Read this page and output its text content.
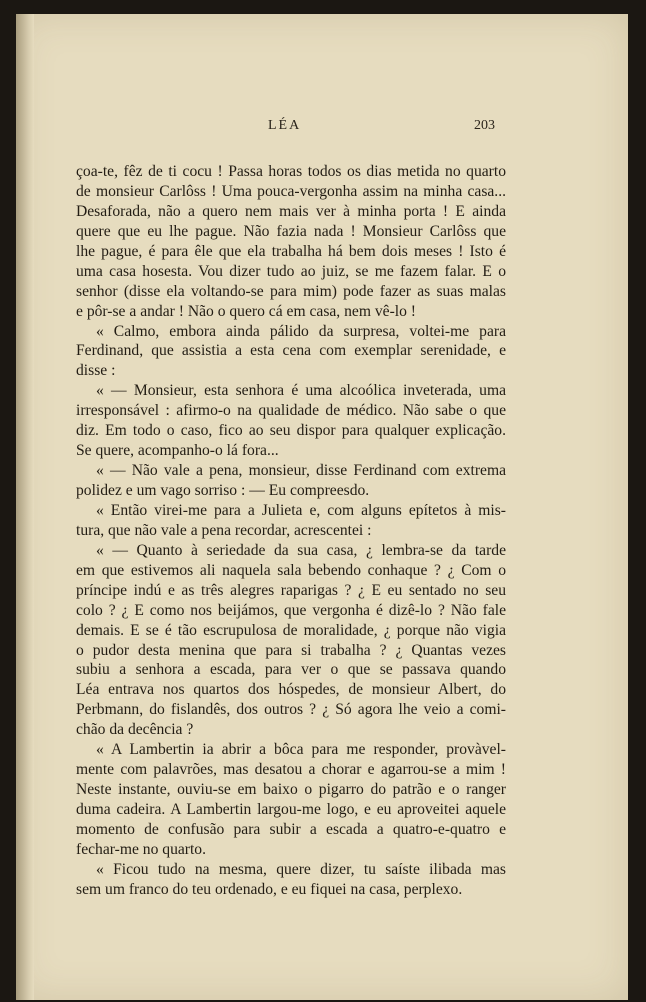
LÉA	203
çoa-te, fêz de ti cocu ! Passa horas todos os dias metida no quarto
de monsieur Carlôss ! Uma pouca-vergonha assim na minha casa...
Desaforada, não a quero nem mais ver à minha porta ! E ainda
quere que eu lhe pague. Não fazia nada ! Monsieur Carlôss que
lhe pague, é para êle que ela trabalha há bem dois meses ! Isto é
uma casa hosesta. Vou dizer tudo ao juiz, se me fazem falar. E o
senhor (disse ela voltando-se para mim) pode fazer as suas malas
e pôr-se a andar ! Não o quero cá em casa, nem vê-lo !
« Calmo, embora ainda pálido da surpresa, voltei-me para
Ferdinand, que assistia a esta cena com exemplar serenidade, e
disse :
« — Monsieur, esta senhora é uma alcoólica inveterada, uma
irresponsável : afirmo-o na qualidade de médico. Não sabe o que
diz. Em todo o caso, fico ao seu dispor para qualquer explicação.
Se quere, acompanho-o lá fora...
« — Não vale a pena, monsieur, disse Ferdinand com extrema
polidez e um vago sorriso : — Eu compreesdo.
« Então virei-me para a Julieta e, com alguns epítetos à mis-
tura, que não vale a pena recordar, acrescentei :
« — Quanto à seriedade da sua casa, ¿ lembra-se da tarde
em que estivemos ali naquela sala bebendo conhaque ? ¿ Com o
príncipe indú e as três alegres raparigas ? ¿ E eu sentado no seu
colo ? ¿ E como nos beijámos, que vergonha é dizê-lo ? Não fale
demais. E se é tão escrupulosa de moralidade, ¿ porque não vigia
o pudor desta menina que para si trabalha ? ¿ Quantas vezes
subiu a senhora a escada, para ver o que se passava quando
Léa entrava nos quartos dos hóspedes, de monsieur Albert, do
Perbmann, do fislandês, dos outros ? ¿ Só agora lhe veio a comi-
chão da decência ?
« A Lambertin ia abrir a bôca para me responder, provàvel-
mente com palavrões, mas desatou a chorar e agarrou-se a mim !
Neste instante, ouviu-se em baixo o pigarro do patrão e o ranger
duma cadeira. A Lambertin largou-me logo, e eu aproveitei aquele
momento de confusão para subir a escada a quatro-e-quatro e
fechar-me no quarto.
« Ficou tudo na mesma, quere dizer, tu saíste ilibada mas
sem um franco do teu ordenado, e eu fiquei na casa, perplexo.
